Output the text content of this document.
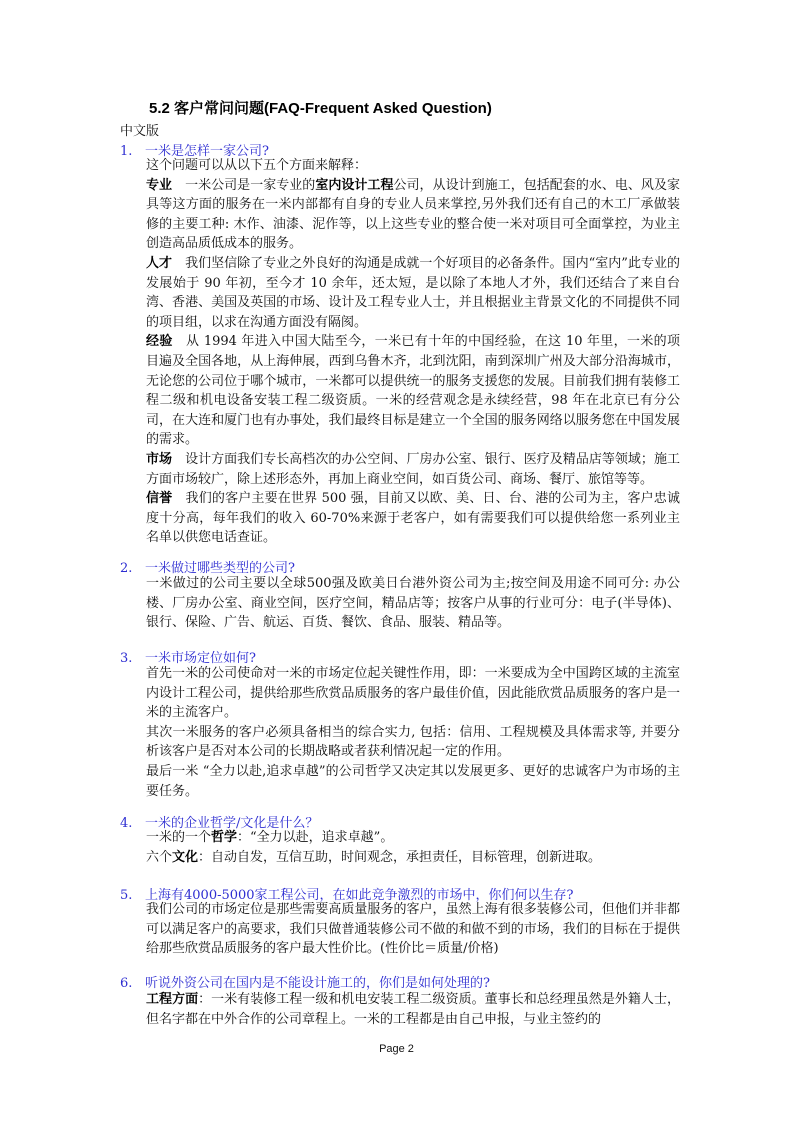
5.2 客户常问问题(FAQ-Frequent Asked Question)
中文版
1. 一米是怎样一家公司?

这个问题可以从以下五个方面来解释：

专业　一米公司是一家专业的室内设计工程公司，从设计到施工，包括配套的水、电、风及家具等这方面的服务在一米内部都有自身的专业人员来掌控,另外我们还有自己的木工厂承做装修的主要工种: 木作、油漆、泥作等，以上这些专业的整合使一米对项目可全面掌控，为业主创造高品质低成本的服务。

人才　我们坚信除了专业之外良好的沟通是成就一个好项目的必备条件。国内“室内”此专业的发展始于 90 年初，至今才 10 余年，还太短，是以除了本地人才外，我们还结合了来自台湾、香港、美国及英国的市场、设计及工程专业人士，并且根据业主背景文化的不同提供不同的项目组，以求在沟通方面没有隔阂。

经验　从 1994 年进入中国大陆至今，一米已有十年的中国经验，在这 10 年里，一米的项目遍及全国各地，从上海伸展，西到乌鲁木齐，北到沈阳，南到深圳广州及大部分沿海城市，无论您的公司位于哪个城市，一米都可以提供统一的服务支援您的发展。目前我们拥有装修工程二级和机电设备安装工程二级资质。一米的经营观念是永续经营，98 年在北京已有分公司，在大连和厦门也有办事处，我们最终目标是建立一个全国的服务网络以服务您在中国发展的需求。

市场　设计方面我们专长高档次的办公空间、厂房办公室、银行、医疗及精品店等领域；施工方面市场较广，除上述形态外，再加上商业空间，如百货公司、商场、餐厅、旅馆等等。

信誉　我们的客户主要在世界 500 强，目前又以欧、美、日、台、港的公司为主，客户忠诚度十分高，每年我们的收入 60-70%来源于老客户，如有需要我们可以提供给您一系列业主名单以供您电话查证。

2. 一米做过哪些类型的公司?

一米做过的公司主要以全球500强及欧美日台港外资公司为主;按空间及用途不同可分: 办公楼、厂房办公室、商业空间，医疗空间，精品店等；按客户从事的行业可分：电子(半导体)、银行、保险、广告、航运、百货、餐饮、食品、服装、精品等。

3. 一米市场定位如何?

首先一米的公司使命对一米的市场定位起关键性作用，即：一米要成为全中国跨区域的主流室内设计工程公司，提供给那些欣赏品质服务的客户最佳价值，因此能欣赏品质服务的客户是一米的主流客户。

其次一米服务的客户必须具备相当的综合实力, 包括：信用、工程规模及具体需求等, 并要分析该客户是否对本公司的长期战略或者获利情况起一定的作用。

最后一米 “全力以赴,追求卓越”的公司哲学又决定其以发展更多、更好的忠诚客户为市场的主要任务。

4. 一米的企业哲学/文化是什么？

一米的一个哲学：“全力以赴，追求卓越”。

六个文化：自动自发，互信互助，时间观念，承担责任，目标管理，创新进取。

5. 上海有4000-5000家工程公司，在如此竞争激烈的市场中，你们何以生存?

我们公司的市场定位是那些需要高质量服务的客户，虽然上海有很多装修公司，但他们并非都可以满足客户的高要求，我们只做普通装修公司不做的和做不到的市场，我们的目标在于提供给那些欣赏品质服务的客户最大性价比。(性价比＝质量/价格)

6. 听说外资公司在国内是不能设计施工的，你们是如何处理的?

工程方面：一米有装修工程一级和机电安装工程二级资质。董事长和总经理虽然是外籍人士，但名字都在中外合作的公司章程上。一米的工程都是由自己申报，与业主签约的

Page 2
